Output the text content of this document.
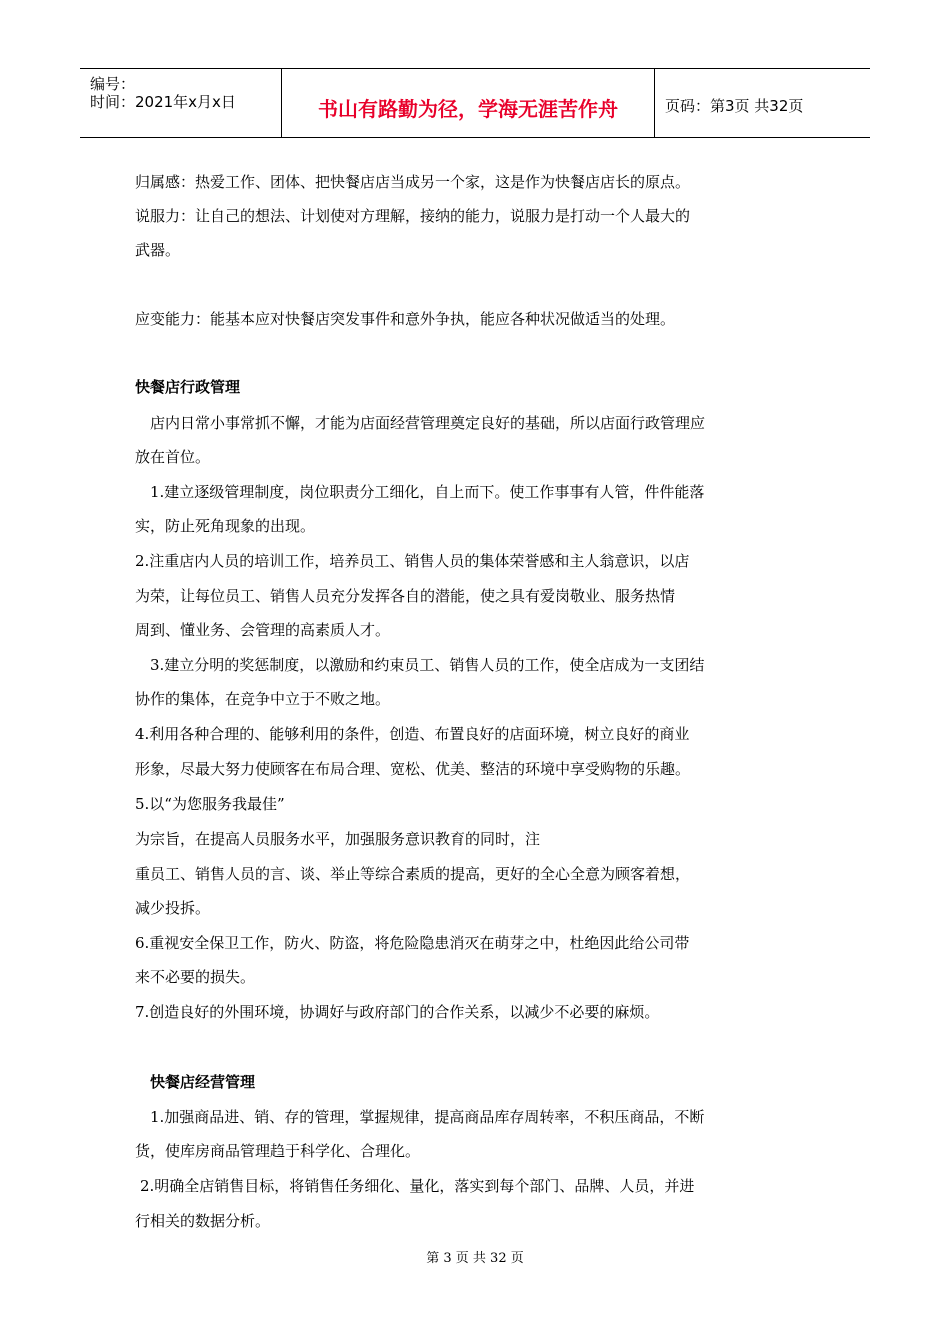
编号：
时间：2021年x月x日	书山有路勤为径，学海无涯苦作舟	页码：第3页 共32页
归属感：热爱工作、团体、把快餐店店当成另一个家，这是作为快餐店店长的原点。
说服力：让自己的想法、计划使对方理解，接纳的能力，说服力是打动一个人最大的
武器。
应变能力：能基本应对快餐店突发事件和意外争执，能应各种状况做适当的处理。
快餐店行政管理
店内日常小事常抓不懈，才能为店面经营管理奠定良好的基础，所以店面行政管理应
放在首位。
1.建立逐级管理制度，岗位职责分工细化，自上而下。使工作事事有人管，件件能落
实，防止死角现象的出现。
2.注重店内人员的培训工作，培养员工、销售人员的集体荣誉感和主人翁意识，以店
为荣，让每位员工、销售人员充分发挥各自的潜能，使之具有爱岗敬业、服务热情
周到、懂业务、会管理的高素质人才。
3.建立分明的奖惩制度，以激励和约束员工、销售人员的工作，使全店成为一支团结
协作的集体，在竞争中立于不败之地。
4.利用各种合理的、能够利用的条件，创造、布置良好的店面环境，树立良好的商业
形象，尽最大努力使顾客在布局合理、宽松、优美、整洁的环境中享受购物的乐趣。
5.以“为您服务我最佳”
为宗旨，在提高人员服务水平，加强服务意识教育的同时，注
重员工、销售人员的言、谈、举止等综合素质的提高，更好的全心全意为顾客着想，
减少投拆。
6.重视安全保卫工作，防火、防盗，将危险隐患消灭在萌芽之中，杜绝因此给公司带
来不必要的损失。
7.创造良好的外围环境，协调好与政府部门的合作关系，以减少不必要的麻烦。
快餐店经营管理
1.加强商品进、销、存的管理，掌握规律，提高商品库存周转率，不积压商品，不断
货，使库房商品管理趋于科学化、合理化。
2.明确全店销售目标，将销售任务细化、量化，落实到每个部门、品牌、人员，并进
行相关的数据分析。
第 3 页 共 32 页
